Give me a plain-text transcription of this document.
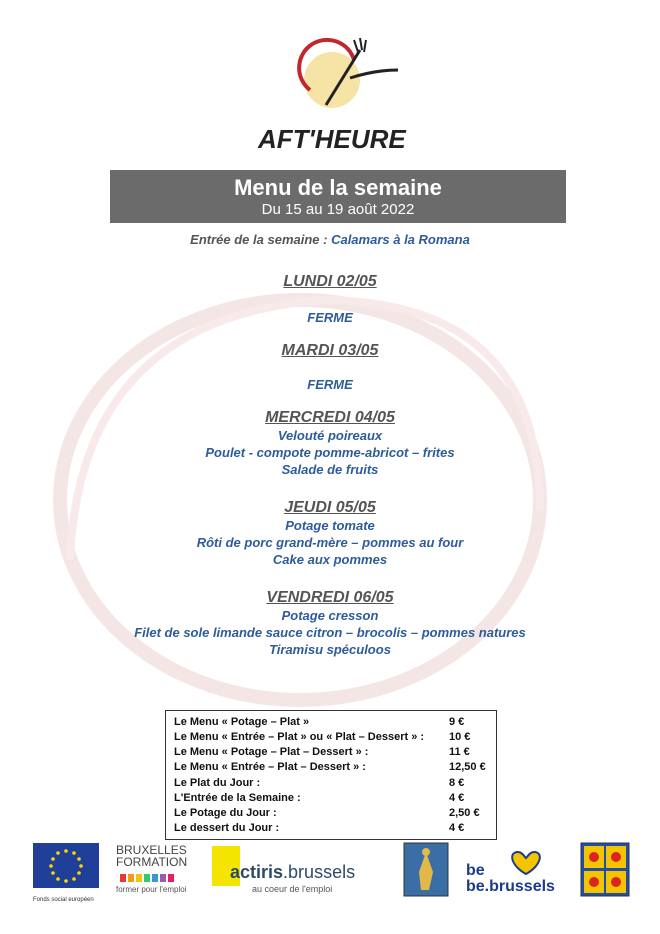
AFT'HEURE
Menu de la semaine
Du 15 au 19 août 2022
Entrée de la semaine : Calamars à la Romana
LUNDI 02/05
FERME
MARDI 03/05
FERME
MERCREDI 04/05
Velouté poireaux
Poulet - compote pomme-abricot – frites
Salade de fruits
JEUDI 05/05
Potage tomate
Rôti de porc grand-mère – pommes au four
Cake aux pommes
VENDREDI 06/05
Potage cresson
Filet de sole limande sauce citron – brocolis – pommes natures
Tiramisu spéculoos
Le Menu « Potage – Plat »	9 €
Le Menu « Entrée – Plat » ou « Plat – Dessert » : 10 €
Le Menu « Potage – Plat – Dessert » :	11 €
Le Menu « Entrée – Plat – Dessert » :	12,50 €
Le Plat du Jour :	8 €
L'Entrée de la Semaine :	4 €
Le Potage du Jour :	2,50 €
Le dessert du Jour :	4 €
Fonds social européen
BRUXELLES
FORMATION
former pour l'emploi
actiris.brussels
au coeur de l'emploi
be
be.brussels
